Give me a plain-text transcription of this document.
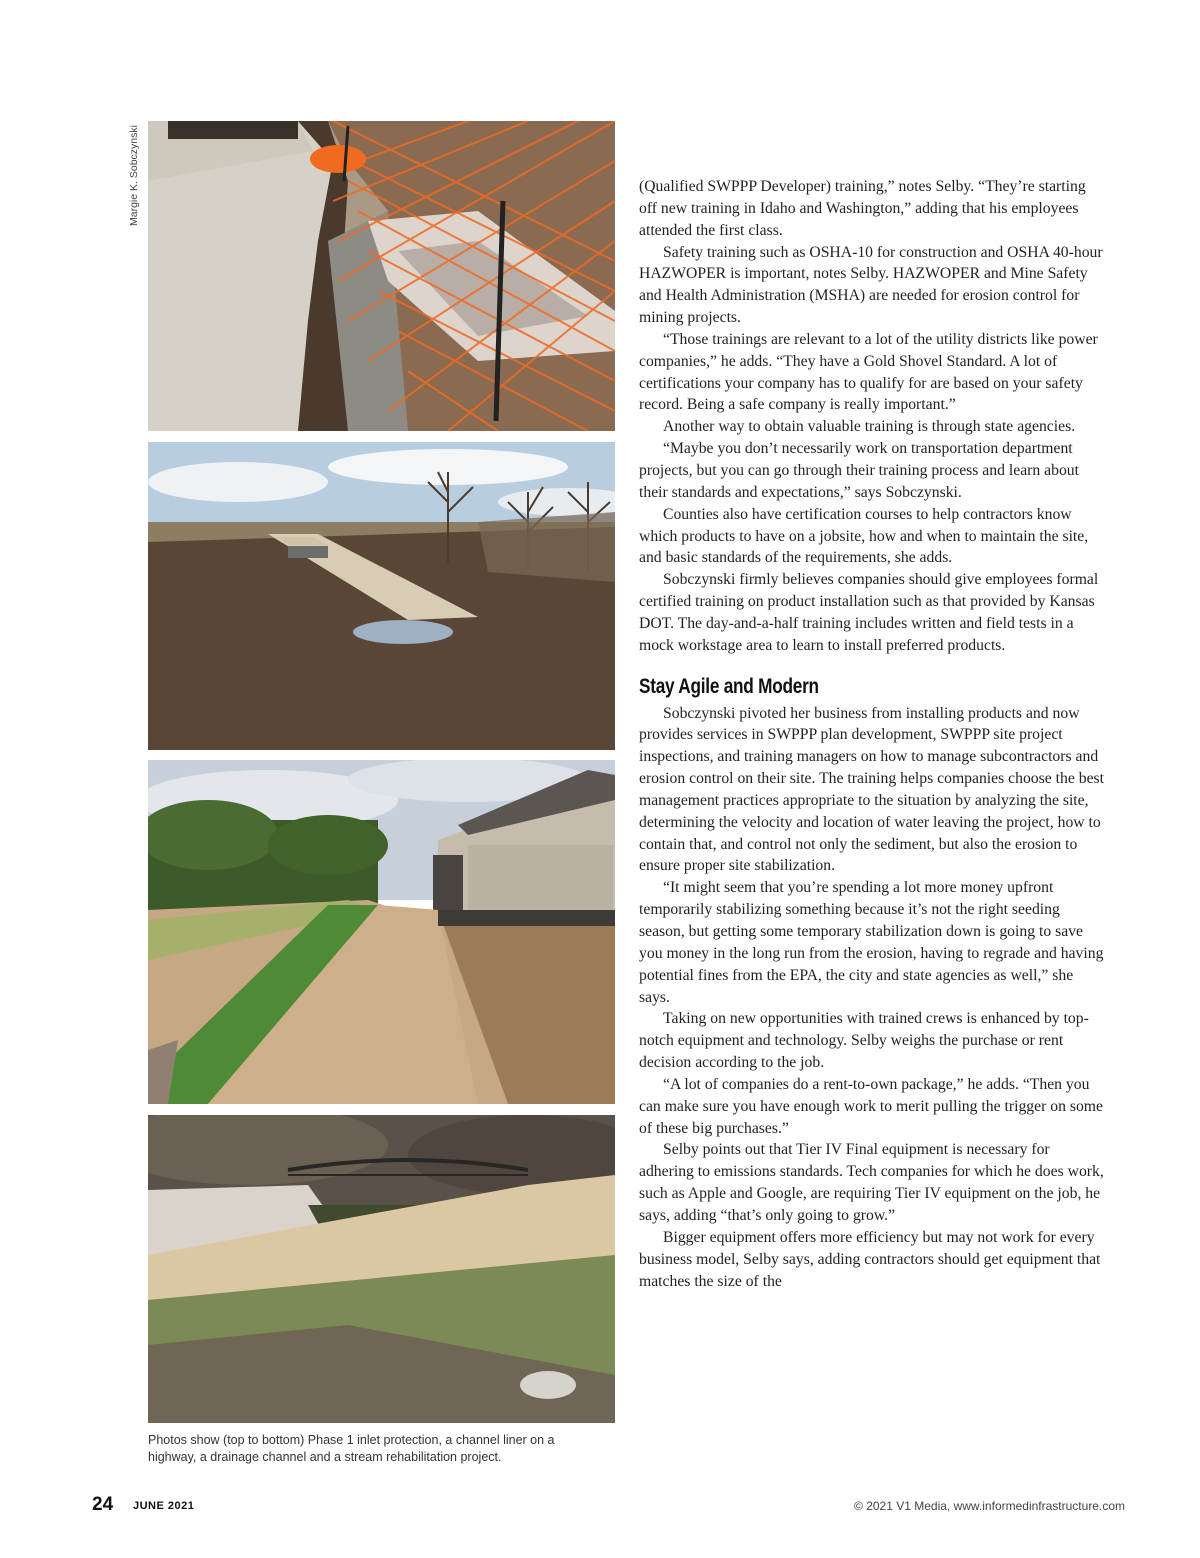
Margie K. Sobczynski
Photos show (top to bottom) Phase 1 inlet protection, a channel liner on a highway, a drainage channel and a stream rehabilitation project.

(Qualified SWPPP Developer) training,” notes Selby. “They’re starting off new training in Idaho and Washington,” adding that his employees attended the first class.

Safety training such as OSHA-10 for construction and OSHA 40-hour HAZWOPER is important, notes Selby. HAZWOPER and Mine Safety and Health Administration (MSHA) are needed for erosion control for mining projects.

“Those trainings are relevant to a lot of the utility districts like power companies,” he adds. “They have a Gold Shovel Standard. A lot of certifications your company has to qualify for are based on your safety record. Being a safe company is really important.”

Another way to obtain valuable training is through state agencies.

“Maybe you don’t necessarily work on transportation department projects, but you can go through their training process and learn about their standards and expectations,” says Sobczynski.

Counties also have certification courses to help contractors know which products to have on a jobsite, how and when to maintain the site, and basic standards of the requirements, she adds.

Sobczynski firmly believes companies should give employees formal certified training on product installation such as that provided by Kansas DOT. The day-and-a-half training includes written and field tests in a mock workstage area to learn to install preferred products.

Stay Agile and Modern

Sobczynski pivoted her business from installing products and now provides services in SWPPP plan development, SWPPP site project inspections, and training managers on how to manage subcontractors and erosion control on their site. The training helps companies choose the best management practices appropriate to the situation by analyzing the site, determining the velocity and location of water leaving the project, how to contain that, and control not only the sediment, but also the erosion to ensure proper site stabilization.

“It might seem that you’re spending a lot more money upfront temporarily stabilizing something because it’s not the right seeding season, but getting some temporary stabilization down is going to save you money in the long run from the erosion, having to regrade and having potential fines from the EPA, the city and state agencies as well,” she says.

Taking on new opportunities with trained crews is enhanced by top-notch equipment and technology. Selby weighs the purchase or rent decision according to the job.

“A lot of companies do a rent-to-own package,” he adds. “Then you can make sure you have enough work to merit pulling the trigger on some of these big purchases.”

Selby points out that Tier IV Final equipment is necessary for adhering to emissions standards. Tech companies for which he does work, such as Apple and Google, are requiring Tier IV equipment on the job, he says, adding “that’s only going to grow.”

Bigger equipment offers more efficiency but may not work for every business model, Selby says, adding contractors should get equipment that matches the size of the

24 JUNE 2021	© 2021 V1 Media, www.informedinfrastructure.com
